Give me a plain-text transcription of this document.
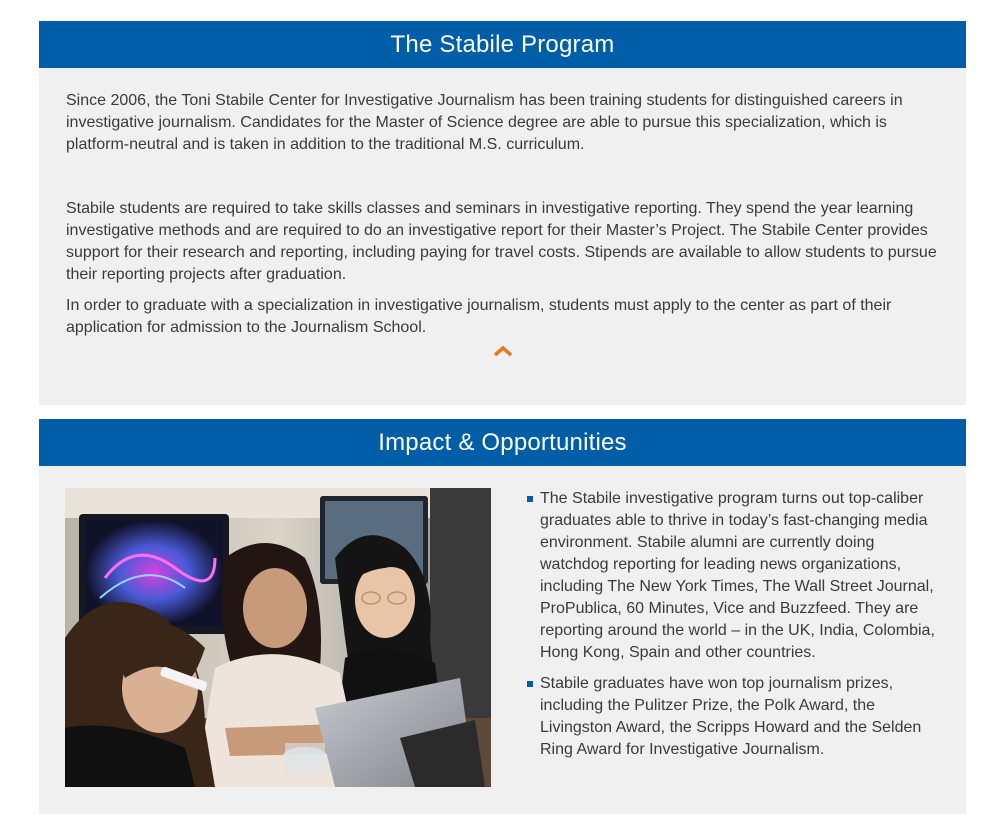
The Stabile Program

Since 2006, the Toni Stabile Center for Investigative Journalism has been training students for distinguished careers in investigative journalism. Candidates for the Master of Science degree are able to pursue this specialization, which is platform-neutral and is taken in addition to the traditional M.S. curriculum.

Stabile students are required to take skills classes and seminars in investigative reporting. They spend the year learning investigative methods and are required to do an investigative report for their Master’s Project. The Stabile Center provides support for their research and reporting, including paying for travel costs. Stipends are available to allow students to pursue their reporting projects after graduation.

In order to graduate with a specialization in investigative journalism, students must apply to the center as part of their application for admission to the Journalism School.

Impact & Opportunities
The Stabile investigative program turns out top-caliber graduates able to thrive in today’s fast-changing media environment. Stabile alumni are currently doing watchdog reporting for leading news organizations, including The New York Times, The Wall Street Journal, ProPublica, 60 Minutes, Vice and Buzzfeed. They are reporting around the world – in the UK, India, Colombia, Hong Kong, Spain and other countries.
Stabile graduates have won top journalism prizes, including the Pulitzer Prize, the Polk Award, the Livingston Award, the Scripps Howard and the Selden Ring Award for Investigative Journalism.
